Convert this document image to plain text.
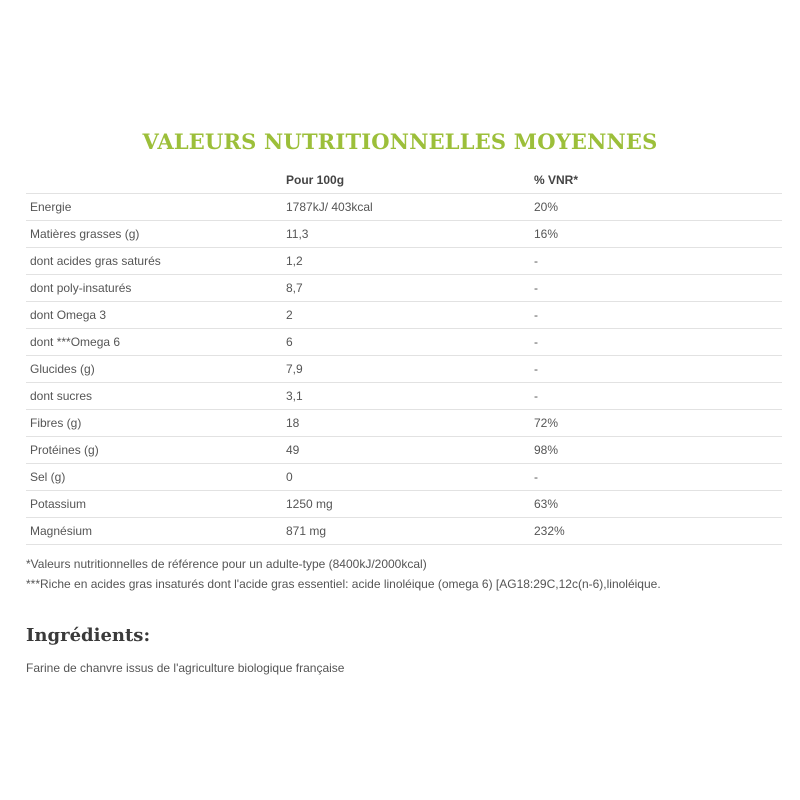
VALEURS NUTRITIONNELLES MOYENNES
	Pour 100g	% VNR*
Energie	1787kJ/ 403kcal	20%
Matières grasses (g)	11,3	16%
dont acides gras saturés	1,2	-
dont poly-insaturés	8,7	-
dont Omega 3	2	-
dont ***Omega 6	6	-
Glucides (g)	7,9	-
dont sucres	3,1	-
Fibres (g)	18	72%
Protéines (g)	49	98%
Sel (g)	0	-
Potassium	1250 mg	63%
Magnésium	871 mg	232%
*Valeurs nutritionnelles de référence pour un adulte-type (8400kJ/2000kcal)
***Riche en acides gras insaturés dont l'acide gras essentiel: acide linoléique (omega 6) [AG18:29C,12c(n-6),linoléique.
Ingrédients:
Farine de chanvre issus de l'agriculture biologique française
